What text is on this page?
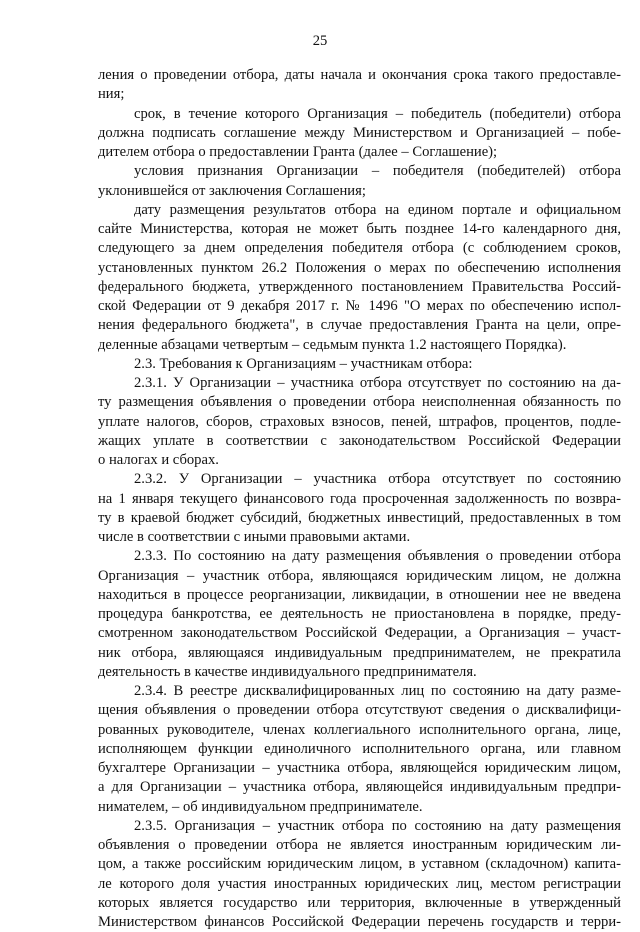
25
ления о проведении отбора, даты начала и окончания срока такого предоставле-
ния;
срок, в течение которого Организация – победитель (победители) отбора
должна подписать соглашение между Министерством и Организацией – побе-
дителем отбора о предоставлении Гранта (далее – Соглашение);
условия признания Организации – победителя (победителей) отбора
уклонившейся от заключения Соглашения;
дату размещения результатов отбора на едином портале и официальном
сайте Министерства, которая не может быть позднее 14-го календарного дня,
следующего за днем определения победителя отбора (с соблюдением сроков,
установленных пунктом 26.2 Положения о мерах по обеспечению исполнения
федерального бюджета, утвержденного постановлением Правительства Россий-
ской Федерации от 9 декабря 2017 г. № 1496 "О мерах по обеспечению испол-
нения федерального бюджета", в случае предоставления Гранта на цели, опре-
деленные абзацами четвертым – седьмым пункта 1.2 настоящего Порядка).
2.3. Требования к Организациям – участникам отбора:
2.3.1. У Организации – участника отбора отсутствует по состоянию на да-
ту размещения объявления о проведении отбора неисполненная обязанность по
уплате налогов, сборов, страховых взносов, пеней, штрафов, процентов, подле-
жащих уплате в соответствии с законодательством Российской Федерации
о налогах и сборах.
2.3.2. У Организации – участника отбора отсутствует по состоянию
на 1 января текущего финансового года просроченная задолженность по возвра-
ту в краевой бюджет субсидий, бюджетных инвестиций, предоставленных в том
числе в соответствии с иными правовыми актами.
2.3.3. По состоянию на дату размещения объявления о проведении отбора
Организация – участник отбора, являющаяся юридическим лицом, не должна
находиться в процессе реорганизации, ликвидации, в отношении нее не введена
процедура банкротства, ее деятельность не приостановлена в порядке, преду-
смотренном законодательством Российской Федерации, а Организация – участ-
ник отбора, являющаяся индивидуальным предпринимателем, не прекратила
деятельность в качестве индивидуального предпринимателя.
2.3.4. В реестре дисквалифицированных лиц по состоянию на дату разме-
щения объявления о проведении отбора отсутствуют сведения о дисквалифици-
рованных руководителе, членах коллегиального исполнительного органа, лице,
исполняющем функции единоличного исполнительного органа, или главном
бухгалтере Организации – участника отбора, являющейся юридическим лицом,
а для Организации – участника отбора, являющейся индивидуальным предпри-
нимателем, – об индивидуальном предпринимателе.
2.3.5. Организация – участник отбора по состоянию на дату размещения
объявления о проведении отбора не является иностранным юридическим ли-
цом, а также российским юридическим лицом, в уставном (складочном) капита-
ле которого доля участия иностранных юридических лиц, местом регистрации
которых является государство или территория, включенные в утвержденный
Министерством финансов Российской Федерации перечень государств и терри-
